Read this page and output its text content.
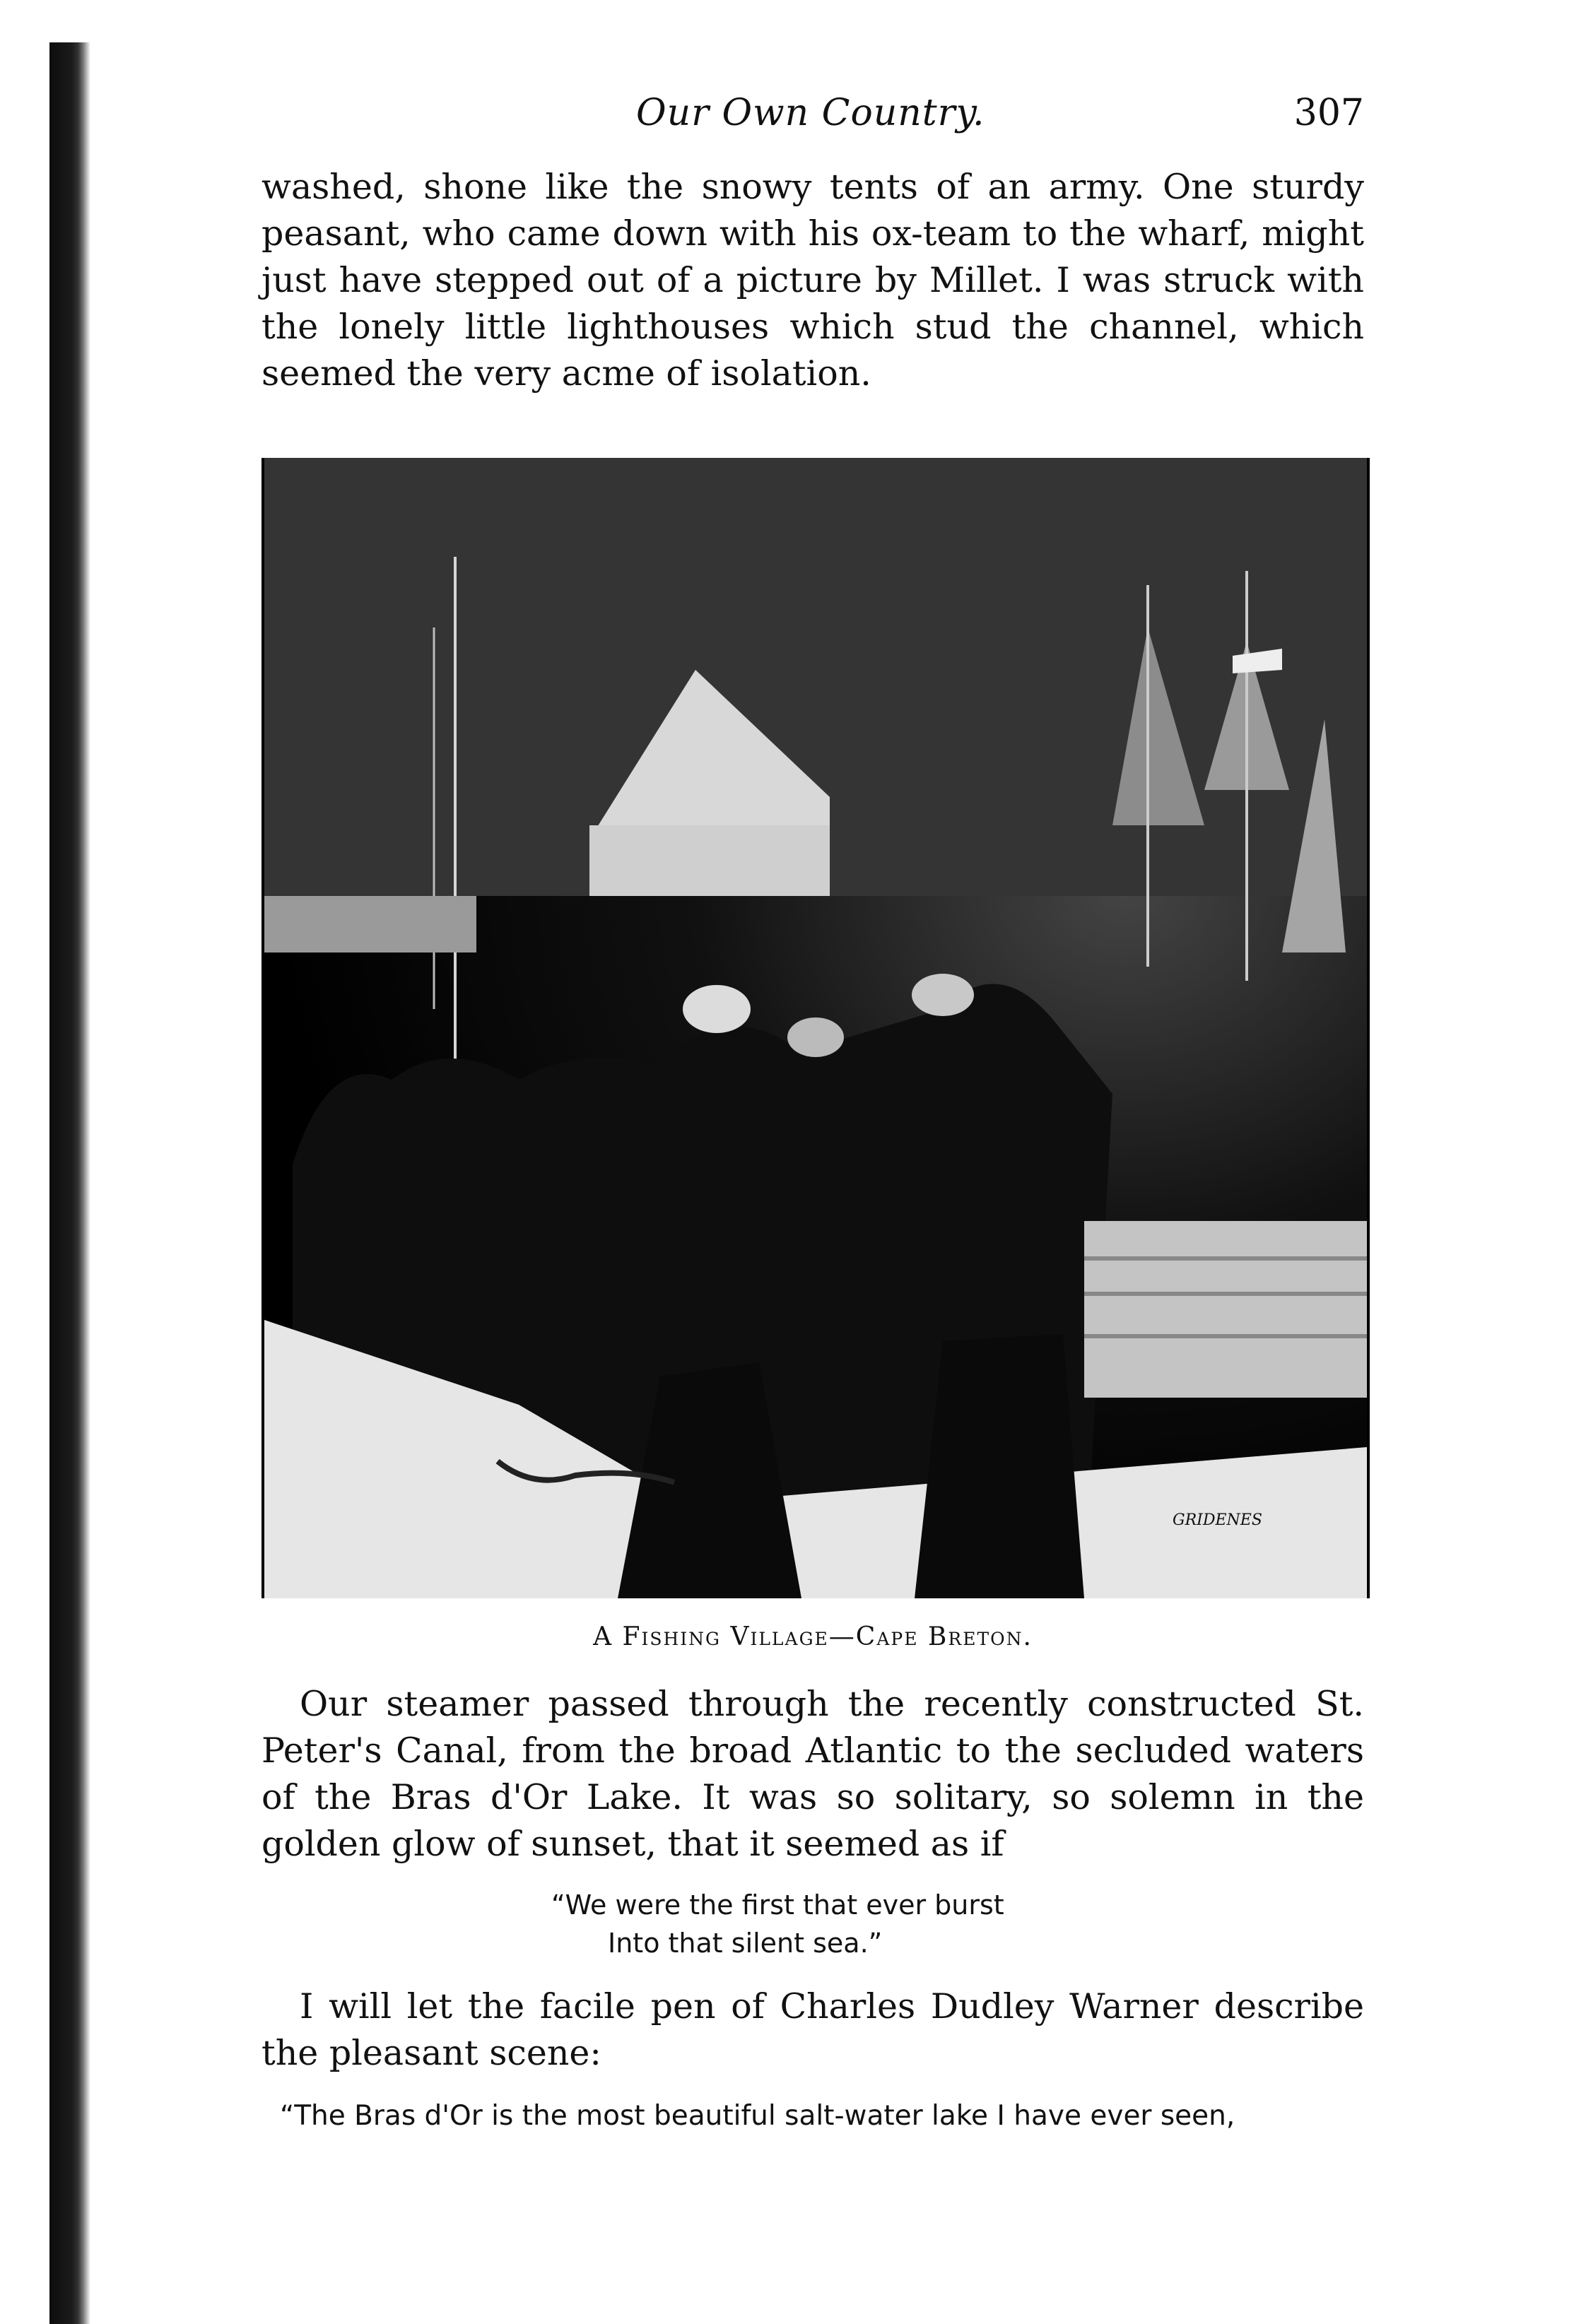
Our Own Country.	307

washed, shone like the snowy tents of an army. One sturdy peasant, who came down with his ox-team to the wharf, might just have stepped out of a picture by Millet. I was struck with the lonely little lighthouses which stud the channel, which seemed the very acme of isolation.

GRIDENES
A Fishing Village—Cape Breton.

Our steamer passed through the recently constructed St. Peter's Canal, from the broad Atlantic to the secluded waters of the Bras d'Or Lake. It was so solitary, so solemn in the golden glow of sunset, that it seemed as if

“We were the first that ever burst
Into that silent sea.”

I will let the facile pen of Charles Dudley Warner describe the pleasant scene:

“The Bras d'Or is the most beautiful salt-water lake I have ever seen,
